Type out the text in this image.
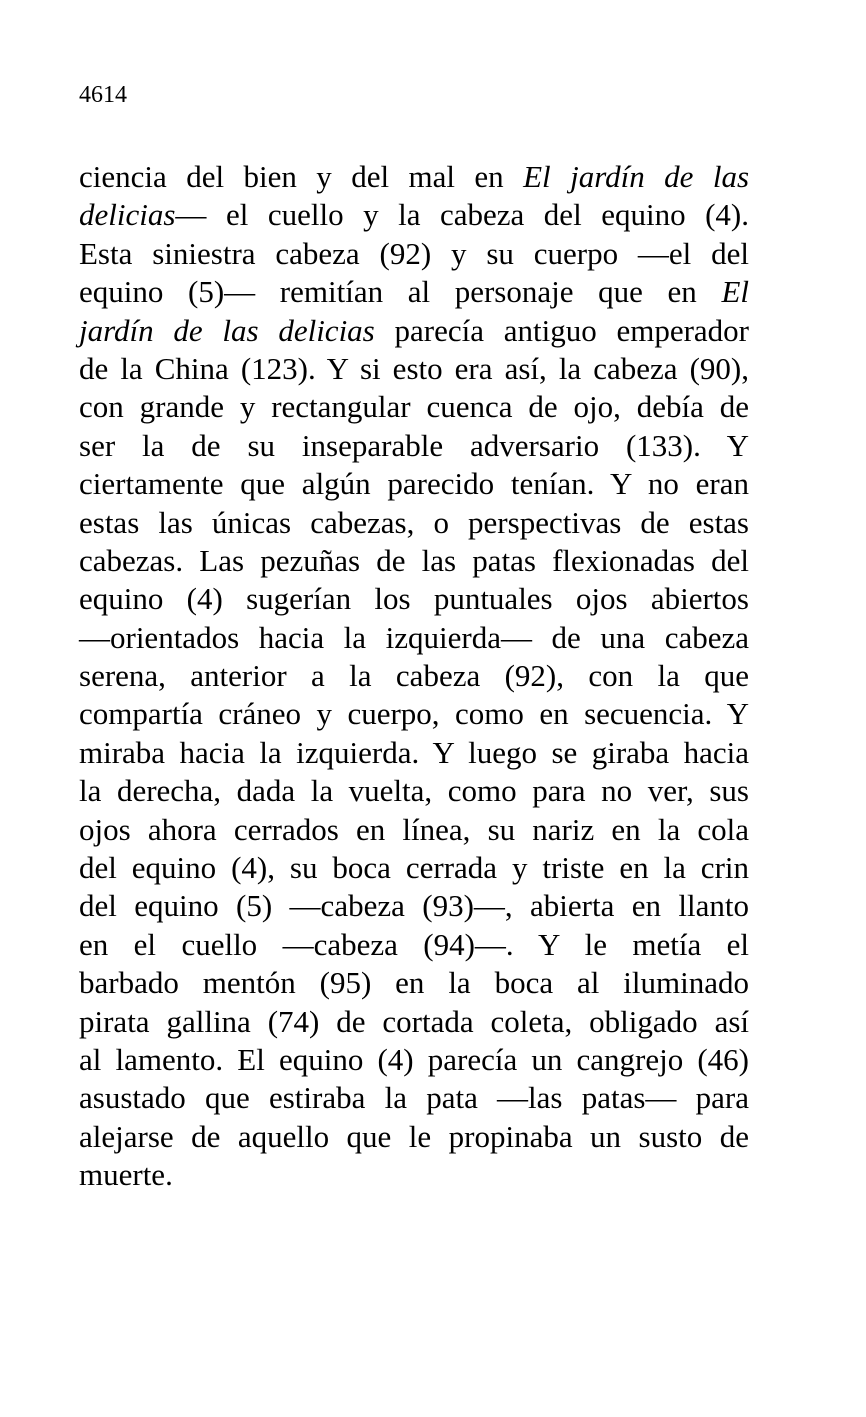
4614
ciencia del bien y del mal en El jardín de las
delicias— el cuello y la cabeza del equino (4).
Esta siniestra cabeza (92) y su cuerpo —el del
equino (5)— remitían al personaje que en El
jardín de las delicias parecía antiguo emperador
de la China (123). Y si esto era así, la cabeza (90),
con grande y rectangular cuenca de ojo, debía de
ser la de su inseparable adversario (133). Y
ciertamente que algún parecido tenían. Y no eran
estas las únicas cabezas, o perspectivas de estas
cabezas. Las pezuñas de las patas flexionadas del
equino (4) sugerían los puntuales ojos abiertos
—orientados hacia la izquierda— de una cabeza
serena, anterior a la cabeza (92), con la que
compartía cráneo y cuerpo, como en secuencia. Y
miraba hacia la izquierda. Y luego se giraba hacia
la derecha, dada la vuelta, como para no ver, sus
ojos ahora cerrados en línea, su nariz en la cola
del equino (4), su boca cerrada y triste en la crin
del equino (5) —cabeza (93)—, abierta en llanto
en el cuello —cabeza (94)—. Y le metía el
barbado mentón (95) en la boca al iluminado
pirata gallina (74) de cortada coleta, obligado así
al lamento. El equino (4) parecía un cangrejo (46)
asustado que estiraba la pata —las patas— para
alejarse de aquello que le propinaba un susto de
muerte.
